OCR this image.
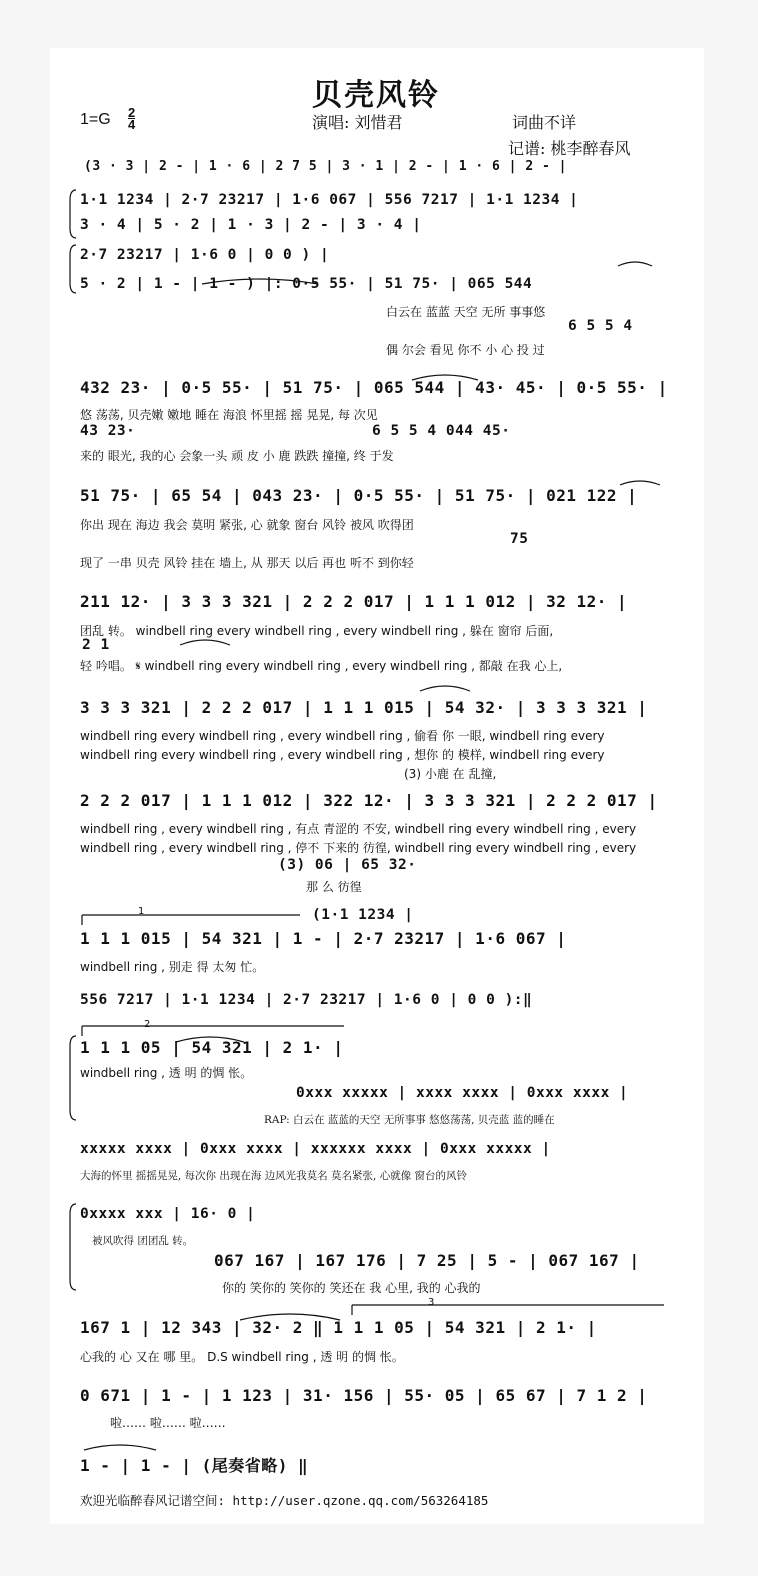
贝壳风铃
$1=G \frac{2}{4}$	演唱: 刘惜君	词曲不详
记谱: 桃李醉春风
(3 · 3 | 2 - | 1 · 6 | 2 7 5 | 3 · 1 | 2 - | 1 · 6 | 2 - |
1·1 1234 | 2·7 23217 | 1·6 067 | 556 7217 | 1·1 1234 |
3 · 4 | 5 · 2 | 1 · 3 | 2 - | 3 · 4 |
2·7 23217 | 1·6 0 | 0 0 ) |
5 · 2 | 1 - | 1 - ) |: 0·5 55· | 51 75· | 065 544
白云在 蓝蓝 天空 无所 事事悠
6 5 5 4
偶 尔会 看见 你不 小 心 投 过
432 23· | 0·5 55· | 51 75· | 065 544 | 43· 45· | 0·5 55· |
悠 荡荡, 贝壳嫩 嫩地 睡在 海浪 怀里摇 摇 晃晃, 每 次见
43 23·	6 5 5 4 044 45·
来的 眼光, 我的心 会象一头 顽 皮 小 鹿 跌跌 撞撞, 终 于发
51 75· | 65 54 | 043 23· | 0·5 55· | 51 75· | 021 122 |
你出 现在 海边 我会 莫明 紧张, 心 就象 窗台 风铃 被风 吹得团
75
现了 一串 贝壳 风铃 挂在 墙上, 从 那天 以后 再也 听不 到你轻
211 12· | 3 3 3 321 | 2 2 2 017 | 1 1 1 012 | 32 12· |
团乱 转。 windbell ring every windbell ring , every windbell ring , 躲在 窗帘 后面,
2 1
轻 吟唱。 𝄋 windbell ring every windbell ring , every windbell ring , 都敲 在我 心上,
3 3 3 321 | 2 2 2 017 | 1 1 1 015 | 54 32· | 3 3 3 321 |
windbell ring every windbell ring , every windbell ring , 偷看 你 一眼, windbell ring every
windbell ring every windbell ring , every windbell ring , 想你 的 模样, windbell ring every
(3) 小鹿 在 乱撞,
2 2 2 017 | 1 1 1 012 | 322 12· | 3 3 3 321 | 2 2 2 017 |
windbell ring , every windbell ring , 有点 青涩的 不安, windbell ring every windbell ring , every
windbell ring , every windbell ring , 停不 下来的 彷徨, windbell ring every windbell ring , every
(3) 06 | 65 32·
那 么 彷徨
1	(1·1 1234 |
1 1 1 015 | 54 321 | 1 - | 2·7 23217 | 1·6 067 |
windbell ring , 别走 得 太匆 忙。
556 7217 | 1·1 1234 | 2·7 23217 | 1·6 0 | 0 0 ):‖
2
1 1 1 05 | 54 321 | 2 1· |
windbell ring , 透 明 的惆 怅。
0xxx xxxxx | xxxx xxxx | 0xxx xxxx |
RAP: 白云在 蓝蓝的天空 无所事事 悠悠荡荡, 贝壳蓝 蓝的睡在
xxxxx xxxx | 0xxx xxxx | xxxxxx xxxx | 0xxx xxxxx |
大海的怀里 摇摇晃晃, 每次你 出现在海 边风光我莫名 莫名紧张, 心就像 窗台的风铃
0xxxx xxx | 16· 0 |
被风吹得 团团乱 转。
067 167 | 167 176 | 7 25 | 5 - | 067 167 |
你的 笑你的 笑你的 笑还在 我 心里, 我的 心我的
167 1 | 12 343 | 32· 2 ‖ 1 1 1 05 | 54 321 | 2 1· |
心我的 心 又在 哪 里。 D.S windbell ring , 透 明 的惆 怅。
3
0 671 | 1 - | 1 123 | 31· 156 | 55· 05 | 65 67 | 7 1 2 |
啦…… 啦…… 啦……
1 - | 1 - | (尾奏省略) ‖
欢迎光临醉春风记谱空间: http://user.qzone.qq.com/563264185
